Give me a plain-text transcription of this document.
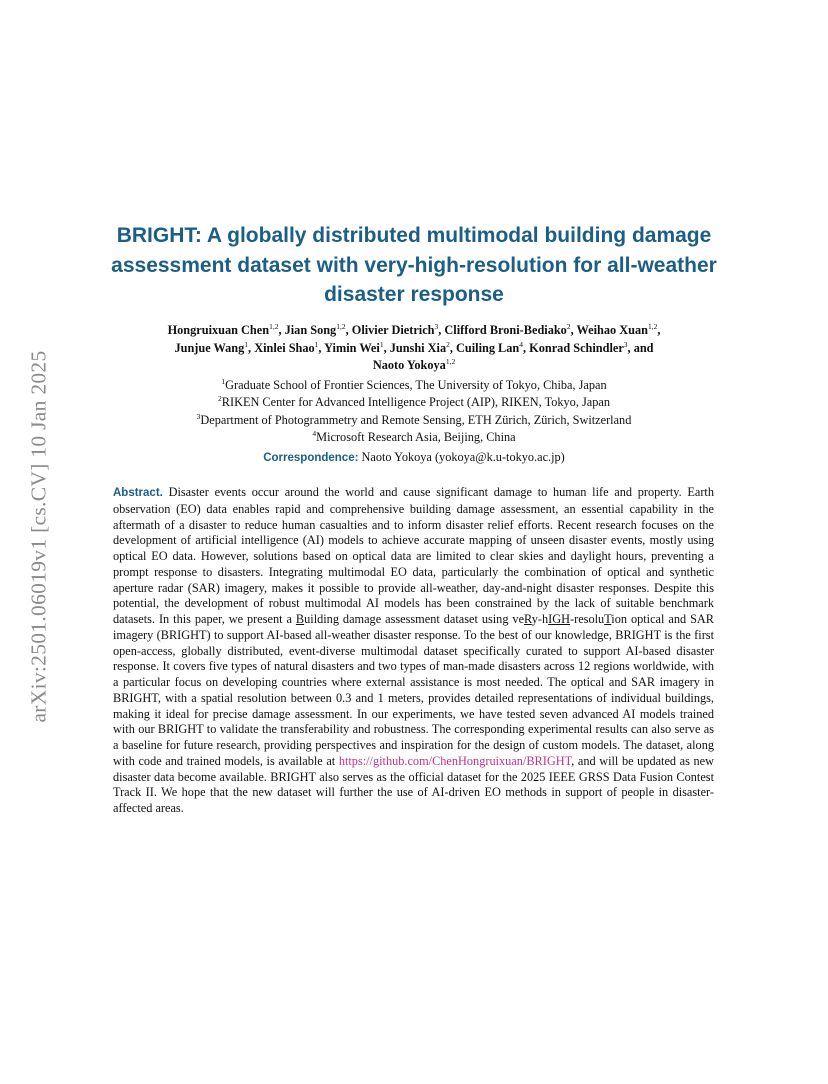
arXiv:2501.06019v1 [cs.CV] 10 Jan 2025
BRIGHT: A globally distributed multimodal building damage assessment dataset with very-high-resolution for all-weather disaster response
Hongruixuan Chen$^{1,2}$, Jian Song$^{1,2}$, Olivier Dietrich$^3$, Clifford Broni-Bediako$^2$, Weihao Xuan$^{1,2}$,
Junjue Wang$^1$, Xinlei Shao$^1$, Yimin Wei$^1$, Junshi Xia$^2$, Cuiling Lan$^4$, Konrad Schindler$^3$, and
Naoto Yokoya$^{1,2}$
$^1$Graduate School of Frontier Sciences, The University of Tokyo, Chiba, Japan
$^2$RIKEN Center for Advanced Intelligence Project (AIP), RIKEN, Tokyo, Japan
$^3$Department of Photogrammetry and Remote Sensing, ETH Zürich, Zürich, Switzerland
$^4$Microsoft Research Asia, Beijing, China
Correspondence: Naoto Yokoya (yokoya@k.u-tokyo.ac.jp)

Abstract. Disaster events occur around the world and cause significant damage to human life and property. Earth observation (EO) data enables rapid and comprehensive building damage assessment, an essential capability in the aftermath of a disaster to reduce human casualties and to inform disaster relief efforts. Recent research focuses on the development of artificial intelligence (AI) models to achieve accurate mapping of unseen disaster events, mostly using optical EO data. However, solutions based on optical data are limited to clear skies and daylight hours, preventing a prompt response to disasters. Integrating multimodal EO data, particularly the combination of optical and synthetic aperture radar (SAR) imagery, makes it possible to provide all-weather, day-and-night disaster responses. Despite this potential, the development of robust multimodal AI models has been constrained by the lack of suitable benchmark datasets. In this paper, we present a Building damage assessment dataset using veRy-hIGH-resoluTion optical and SAR imagery (BRIGHT) to support AI-based all-weather disaster response. To the best of our knowledge, BRIGHT is the first open-access, globally distributed, event-diverse multimodal dataset specifically curated to support AI-based disaster response. It covers five types of natural disasters and two types of man-made disasters across 12 regions worldwide, with a particular focus on developing countries where external assistance is most needed. The optical and SAR imagery in BRIGHT, with a spatial resolution between 0.3 and 1 meters, provides detailed representations of individual buildings, making it ideal for precise damage assessment. In our experiments, we have tested seven advanced AI models trained with our BRIGHT to validate the transferability and robustness. The corresponding experimental results can also serve as a baseline for future research, providing perspectives and inspiration for the design of custom models. The dataset, along with code and trained models, is available at https://github.com/ChenHongruixuan/BRIGHT, and will be updated as new disaster data become available. BRIGHT also serves as the official dataset for the 2025 IEEE GRSS Data Fusion Contest Track II. We hope that the new dataset will further the use of AI-driven EO methods in support of people in disaster-affected areas.
